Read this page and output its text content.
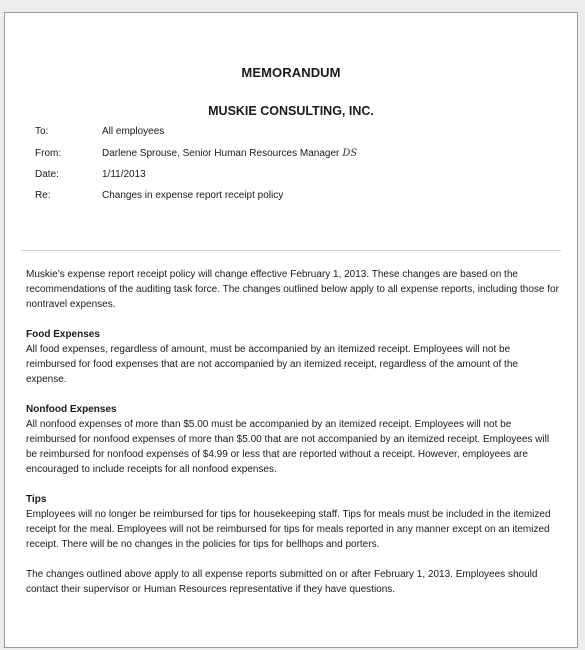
MEMORANDUM
MUSKIE CONSULTING, INC.
To:	All employees
From:	Darlene Sprouse, Senior Human Resources Manager DS
Date:	1/11/2013
Re:	Changes in expense report receipt policy

Muskie’s expense report receipt policy will change effective February 1, 2013. These changes are based on the recommendations of the auditing task force. The changes outlined below apply to all expense reports, including those for nontravel expenses.

Food Expenses
All food expenses, regardless of amount, must be accompanied by an itemized receipt. Employees will not be reimbursed for food expenses that are not accompanied by an itemized receipt, regardless of the amount of the expense.
Nonfood Expenses
All nonfood expenses of more than $5.00 must be accompanied by an itemized receipt. Employees will not be reimbursed for nonfood expenses of more than $5.00 that are not accompanied by an itemized receipt. Employees will be reimbursed for nonfood expenses of $4.99 or less that are reported without a receipt. However, employees are encouraged to include receipts for all nonfood expenses.
Tips
Employees will no longer be reimbursed for tips for housekeeping staff. Tips for meals must be included in the itemized receipt for the meal. Employees will not be reimbursed for tips for meals reported in any manner except on an itemized receipt. There will be no changes in the policies for tips for bellhops and porters.

The changes outlined above apply to all expense reports submitted on or after February 1, 2013. Employees should contact their supervisor or Human Resources representative if they have questions.
